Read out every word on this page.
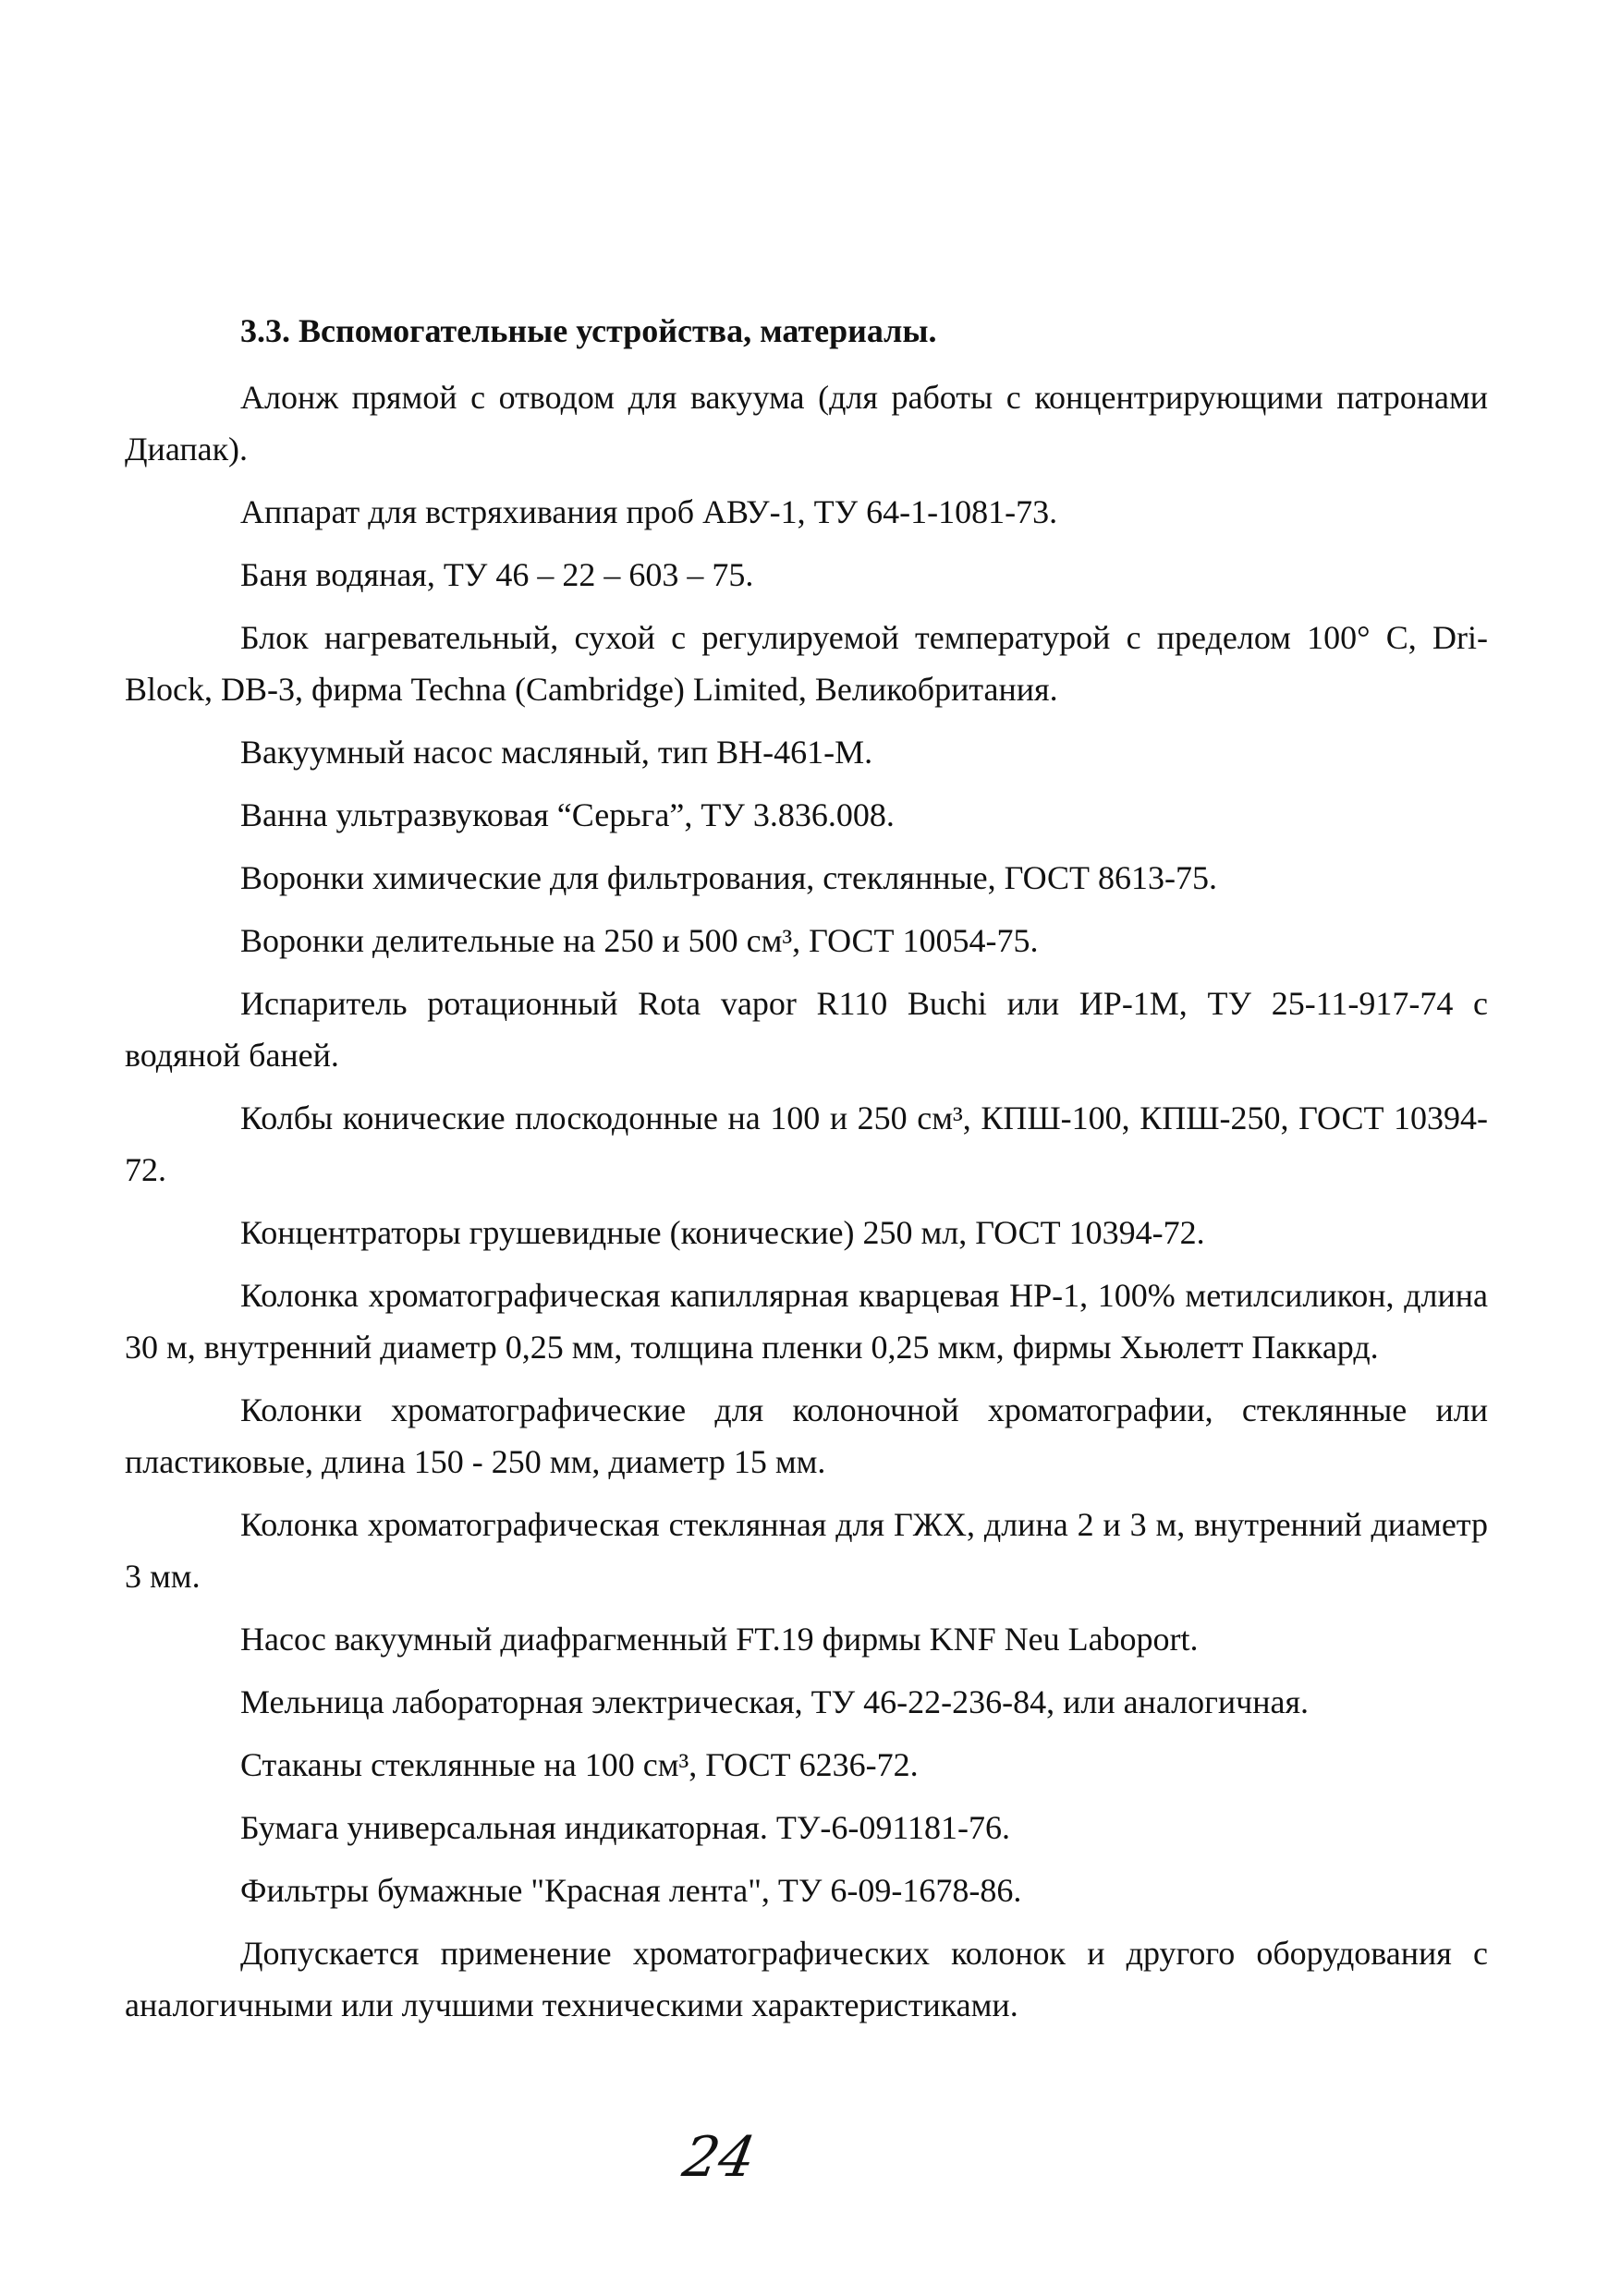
3.3. Вспомогательные устройства, материалы.

Алонж прямой с отводом для вакуума (для работы с концентрирующими патронами Диапак).

Аппарат для встряхивания проб АВУ-1, ТУ 64-1-1081-73.

Баня водяная, ТУ 46 – 22 – 603 – 75.

Блок нагревательный, сухой с регулируемой температурой с пределом 100° C, Dri-Block, DB-3, фирма Techna (Cambridge) Limited, Великобритания.

Вакуумный насос масляный, тип ВН-461-М.

Ванна ультразвуковая “Серьга”, ТУ 3.836.008.

Воронки химические для фильтрования, стеклянные, ГОСТ 8613-75.

Воронки делительные на 250 и 500 см³, ГОСТ 10054-75.

Испаритель ротационный Rota vapor R110 Buchi или ИР-1М, ТУ 25-11-917-74 с водяной баней.

Колбы конические плоскодонные на 100 и 250 см³, КПШ-100, КПШ-250, ГОСТ 10394-72.

Концентраторы грушевидные (конические) 250 мл, ГОСТ 10394-72.

Колонка хроматографическая капиллярная кварцевая НР-1, 100% метилсиликон, длина 30 м, внутренний диаметр 0,25 мм, толщина пленки 0,25 мкм, фирмы Хьюлетт Паккард.

Колонки хроматографические для колоночной хроматографии, стеклянные или пластиковые, длина 150 - 250 мм, диаметр 15 мм.

Колонка хроматографическая стеклянная для ГЖХ, длина 2 и 3 м, внутренний диаметр 3 мм.

Насос вакуумный диафрагменный FT.19 фирмы KNF Neu Laboport.

Мельница лабораторная электрическая, ТУ 46-22-236-84, или аналогичная.

Стаканы стеклянные на 100 см³, ГОСТ 6236-72.

Бумага универсальная индикаторная. ТУ-6-091181-76.

Фильтры бумажные "Красная лента", ТУ 6-09-1678-86.

Допускается применение хроматографических колонок и другого оборудования с аналогичными или лучшими техническими характеристиками.

24
